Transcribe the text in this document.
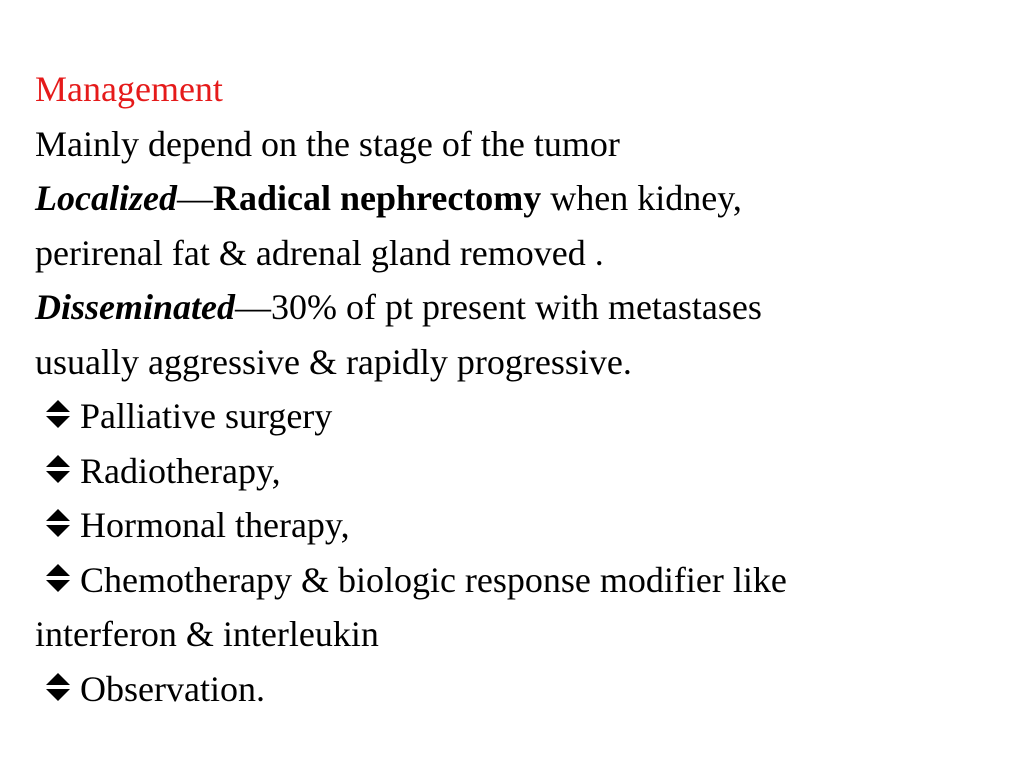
Management
Mainly depend on the stage of the tumor
Localized—Radical nephrectomy when kidney,
perirenal fat & adrenal gland removed .
Disseminated—30% of pt present with metastases
usually aggressive & rapidly progressive.
Palliative surgery
Radiotherapy,
Hormonal therapy,
Chemotherapy & biologic response modifier like
interferon & interleukin
Observation.
